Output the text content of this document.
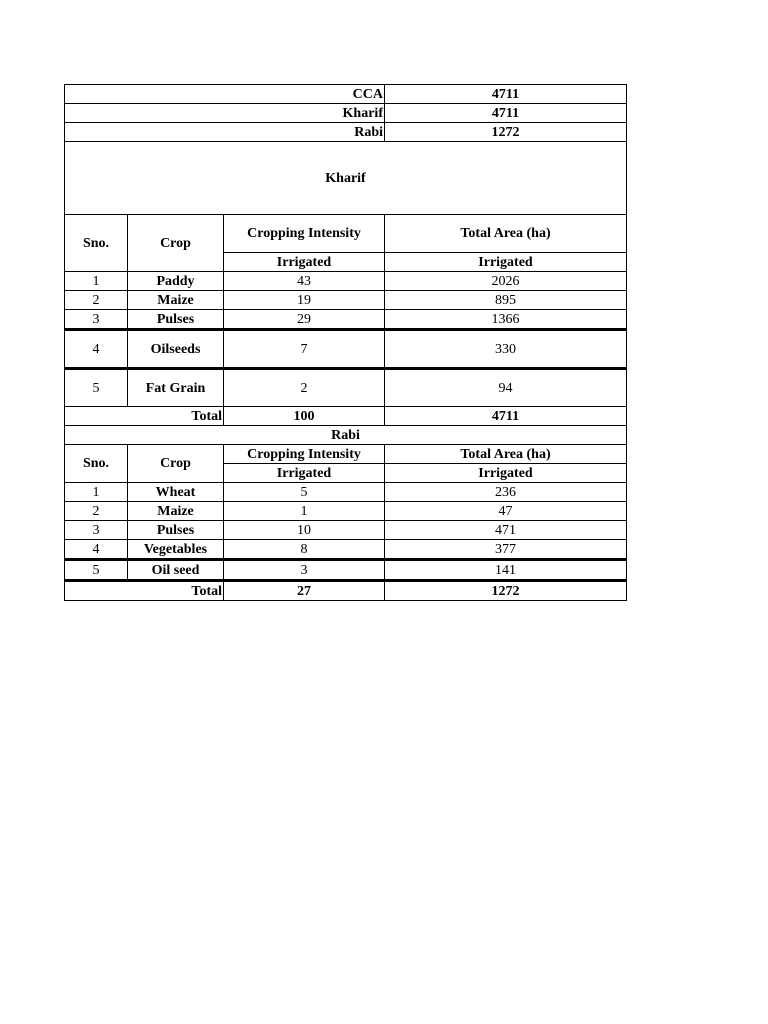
CCA			4711
Kharif			4711
Rabi			1272
Kharif			
Sno.	Crop	Cropping Intensity	Total Area (ha)
		Irrigated	Irrigated
1	Paddy	43	2026
2	Maize	19	895
3	Pulses	29	1366
4	Oilseeds	7	330
5	Fat Grain	2	94
Total		100	4711
Rabi			
Sno.	Crop	Cropping Intensity	Total Area (ha)
		Irrigated	Irrigated
1	Wheat	5	236
2	Maize	1	47
3	Pulses	10	471
4	Vegetables	8	377
5	Oil seed	3	141
Total		27	1272
